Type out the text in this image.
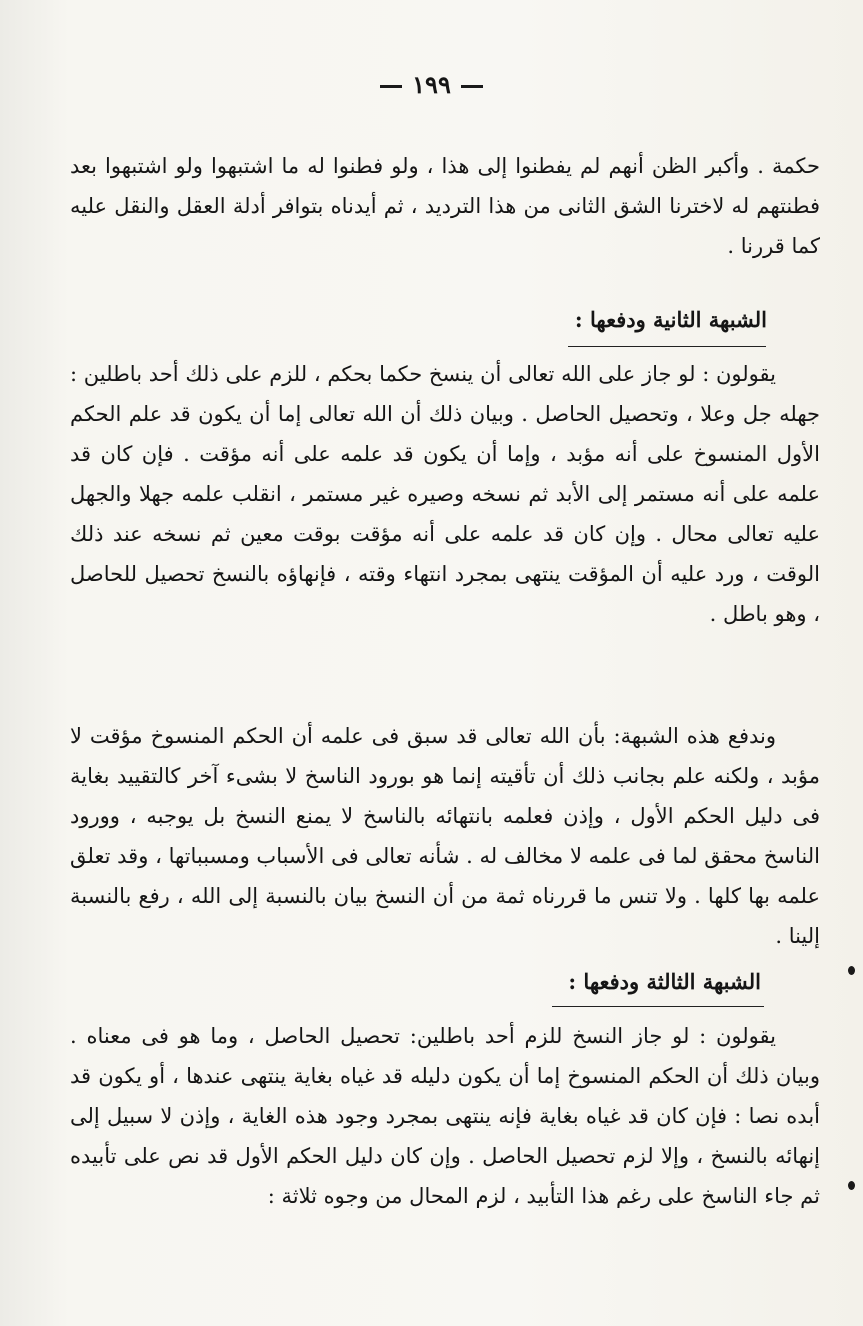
١٩٩

حكمة . وأكبر الظن أنهم لم يفطنوا إلى هذا ، ولو فطنوا له ما اشتبهوا ولو اشتبهوا بعد فطنتهم له لاخترنا الشق الثانى من هذا الترديد ، ثم أيدناه بتوافر أدلة العقل والنقل عليه كما قررنا .

الشبهة الثانية ودفعها :

يقولون : لو جاز على الله تعالى أن ينسخ حكما بحكم ، للزم على ذلك أحد باطلين : جهله جل وعلا ، وتحصيل الحاصل . وبيان ذلك أن الله تعالى إما أن يكون قد علم الحكم الأول المنسوخ على أنه مؤبد ، وإما أن يكون قد علمه على أنه مؤقت . فإن كان قد علمه على أنه مستمر إلى الأبد ثم نسخه وصيره غير مستمر ، انقلب علمه جهلا والجهل عليه تعالى محال . وإن كان قد علمه على أنه مؤقت بوقت معين ثم نسخه عند ذلك الوقت ، ورد عليه أن المؤقت ينتهى بمجرد انتهاء وقته ، فإنهاؤه بالنسخ تحصيل للحاصل ، وهو باطل .

وندفع هذه الشبهة: بأن الله تعالى قد سبق فى علمه أن الحكم المنسوخ مؤقت لا مؤبد ، ولكنه علم بجانب ذلك أن تأقيته إنما هو بورود الناسخ لا بشىء آخر كالتقييد بغاية فى دليل الحكم الأول ، وإذن فعلمه بانتهائه بالناسخ لا يمنع النسخ بل يوجبه ، وورود الناسخ محقق لما فى علمه لا مخالف له . شأنه تعالى فى الأسباب ومسبباتها ، وقد تعلق علمه بها كلها . ولا تنس ما قررناه ثمة من أن النسخ بيان بالنسبة إلى الله ، رفع بالنسبة إلينا .

الشبهة الثالثة ودفعها :

يقولون : لو جاز النسخ للزم أحد باطلين: تحصيل الحاصل ، وما هو فى معناه . وبيان ذلك أن الحكم المنسوخ إما أن يكون دليله قد غياه بغاية ينتهى عندها ، أو يكون قد أبده نصا : فإن كان قد غياه بغاية فإنه ينتهى بمجرد وجود هذه الغاية ، وإذن لا سبيل إلى إنهائه بالنسخ ، وإلا لزم تحصيل الحاصل . وإن كان دليل الحكم الأول قد نص على تأبيده ثم جاء الناسخ على رغم هذا التأبيد ، لزم المحال من وجوه ثلاثة :
